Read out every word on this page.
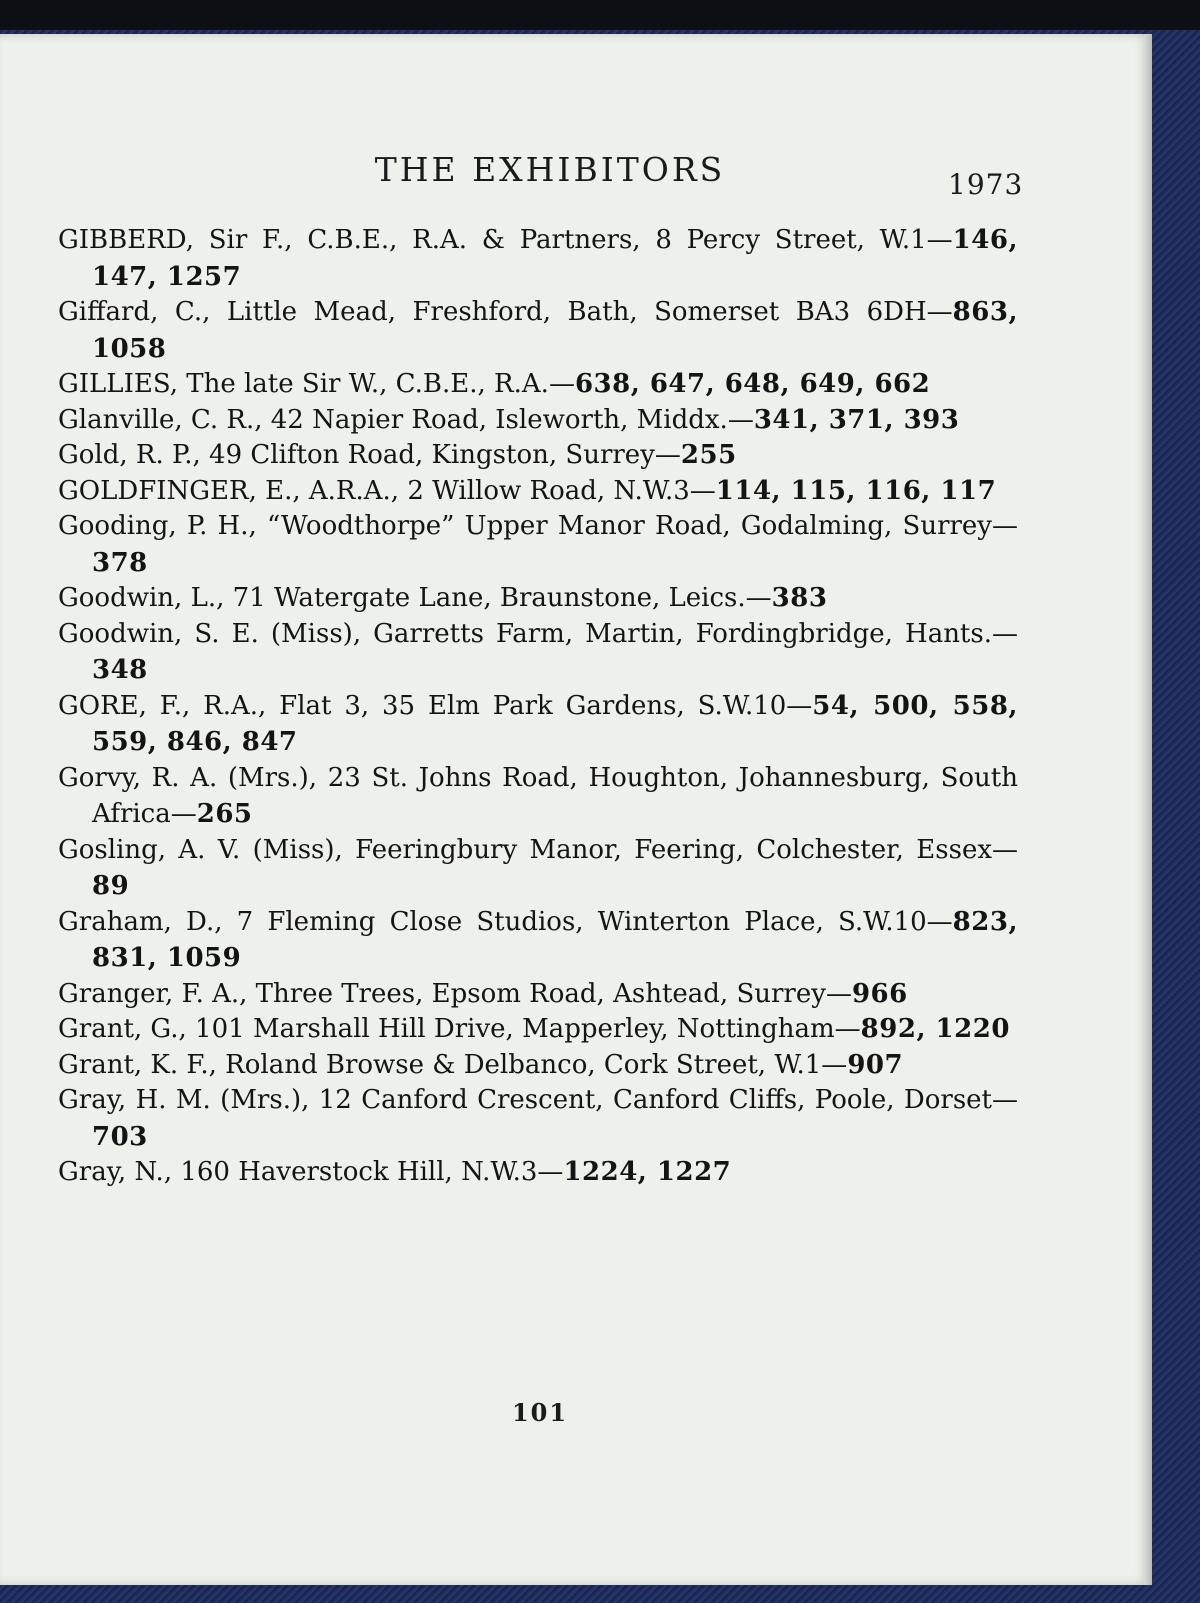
THE EXHIBITORS	1973

GIBBERD, Sir F., C.B.E., R.A. & Partners, 8 Percy Street, W.1—146, 147, 1257

Giffard, C., Little Mead, Freshford, Bath, Somerset BA3 6DH—863, 1058

GILLIES, The late Sir W., C.B.E., R.A.—638, 647, 648, 649, 662

Glanville, C. R., 42 Napier Road, Isleworth, Middx.—341, 371, 393

Gold, R. P., 49 Clifton Road, Kingston, Surrey—255

GOLDFINGER, E., A.R.A., 2 Willow Road, N.W.3—114, 115, 116, 117

Gooding, P. H., “Woodthorpe” Upper Manor Road, Godalming, Surrey—378

Goodwin, L., 71 Watergate Lane, Braunstone, Leics.—383

Goodwin, S. E. (Miss), Garretts Farm, Martin, Fordingbridge, Hants.—348

GORE, F., R.A., Flat 3, 35 Elm Park Gardens, S.W.10—54, 500, 558, 559, 846, 847

Gorvy, R. A. (Mrs.), 23 St. Johns Road, Houghton, Johannesburg, South Africa—265

Gosling, A. V. (Miss), Feeringbury Manor, Feering, Colchester, Essex—89

Graham, D., 7 Fleming Close Studios, Winterton Place, S.W.10—823, 831, 1059

Granger, F. A., Three Trees, Epsom Road, Ashtead, Surrey—966

Grant, G., 101 Marshall Hill Drive, Mapperley, Nottingham—892, 1220

Grant, K. F., Roland Browse & Delbanco, Cork Street, W.1—907

Gray, H. M. (Mrs.), 12 Canford Crescent, Canford Cliffs, Poole, Dorset—703

Gray, N., 160 Haverstock Hill, N.W.3—1224, 1227

101
